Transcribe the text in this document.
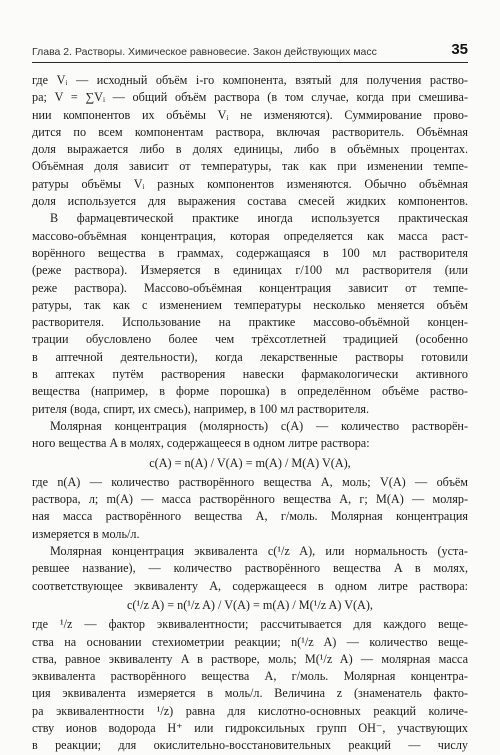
Глава 2. Растворы. Химическое равновесие. Закон действующих масс	35
где Vᵢ — исходный объём i-го компонента, взятый для получения раство-
ра; V = ∑Vᵢ — общий объём раствора (в том случае, когда при смешива-
нии компонентов их объёмы Vᵢ не изменяются). Суммирование прово-
дится по всем компонентам раствора, включая растворитель. Объёмная
доля выражается либо в долях единицы, либо в объёмных процентах.
Объёмная доля зависит от температуры, так как при изменении темпе-
ратуры объёмы Vᵢ разных компонентов изменяются. Обычно объёмная
доля используется для выражения состава смесей жидких компонентов.
В фармацевтической практике иногда используется практическая
массово-объёмная концентрация, которая определяется как масса раст-
ворённого вещества в граммах, содержащаяся в 100 мл растворителя
(реже раствора). Измеряется в единицах г/100 мл растворителя (или
реже раствора). Массово-объёмная концентрация зависит от темпе-
ратуры, так как с изменением температуры несколько меняется объём
растворителя. Использование на практике массово-объёмной концен-
трации обусловлено более чем трёхсотлетней традицией (особенно
в аптечной деятельности), когда лекарственные растворы готовили
в аптеках путём растворения навески фармакологически активного
вещества (например, в форме порошка) в определённом объёме раство-
рителя (вода, спирт, их смесь), например, в 100 мл растворителя.
Молярная концентрация (молярность) c(A) — количество растворён-
ного вещества A в молях, содержащееся в одном литре раствора:
c(A) = n(A) / V(A) = m(A) / M(A) V(A),
где n(A) — количество растворённого вещества A, моль; V(A) — объём
раствора, л; m(A) — масса растворённого вещества A, г; M(A) — моляр-
ная масса растворённого вещества A, г/моль. Молярная концентрация
измеряется в моль/л.
Молярная концентрация эквивалента c(¹/z A), или нормальность (уста-
ревшее название), — количество растворённого вещества A в молях,
соответствующее эквиваленту A, содержащееся в одном литре раствора:
c(¹/z A) = n(¹/z A) / V(A) = m(A) / M(¹/z A) V(A),
где ¹/z — фактор эквивалентности; рассчитывается для каждого веще-
ства на основании стехиометрии реакции; n(¹/z A) — количество веще-
ства, равное эквиваленту A в растворе, моль; M(¹/z A) — молярная масса
эквивалента растворённого вещества A, г/моль. Молярная концентра-
ция эквивалента измеряется в моль/л. Величина z (знаменатель факто-
ра эквивалентности ¹/z) равна для кислотно-основных реакций количе-
ству ионов водорода H⁺ или гидроксильных групп OH⁻, участвующих
в реакции; для окислительно-восстановительных реакций — числу
